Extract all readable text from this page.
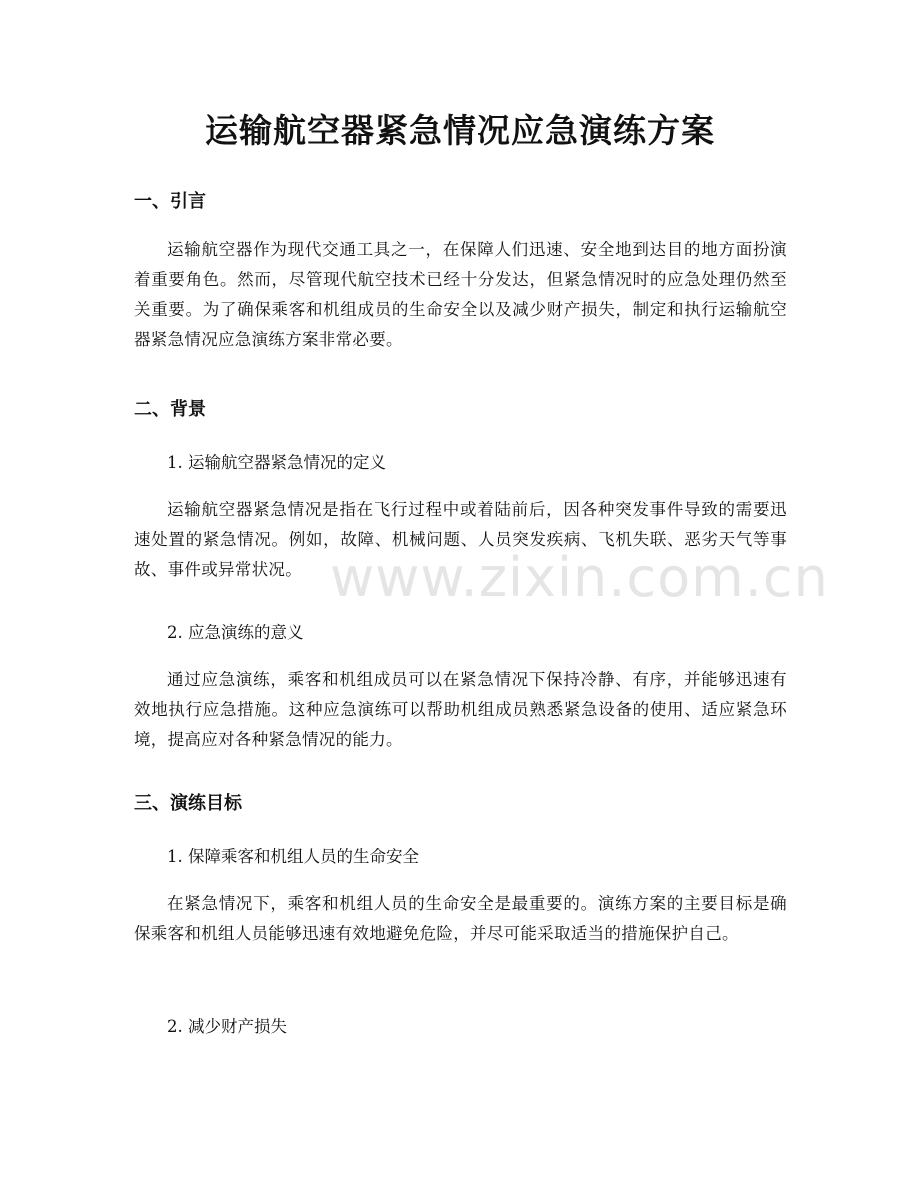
运输航空器紧急情况应急演练方案
一、引言

运输航空器作为现代交通工具之一，在保障人们迅速、安全地到达目的地方面扮演着重要角色。然而，尽管现代航空技术已经十分发达，但紧急情况时的应急处理仍然至关重要。为了确保乘客和机组成员的生命安全以及减少财产损失，制定和执行运输航空器紧急情况应急演练方案非常必要。

二、背景

1. 运输航空器紧急情况的定义

运输航空器紧急情况是指在飞行过程中或着陆前后，因各种突发事件导致的需要迅速处置的紧急情况。例如，故障、机械问题、人员突发疾病、飞机失联、恶劣天气等事故、事件或异常状况。

2. 应急演练的意义

通过应急演练，乘客和机组成员可以在紧急情况下保持冷静、有序，并能够迅速有效地执行应急措施。这种应急演练可以帮助机组成员熟悉紧急设备的使用、适应紧急环境，提高应对各种紧急情况的能力。

三、演练目标

1. 保障乘客和机组人员的生命安全

在紧急情况下，乘客和机组人员的生命安全是最重要的。演练方案的主要目标是确保乘客和机组人员能够迅速有效地避免危险，并尽可能采取适当的措施保护自己。

2. 减少财产损失

www.zixin.com.cn
